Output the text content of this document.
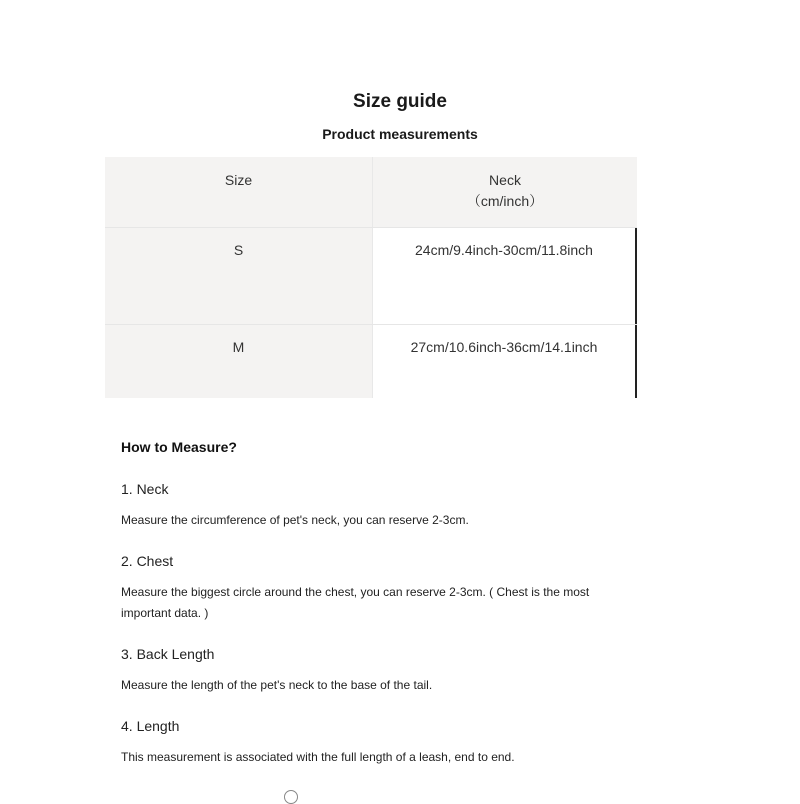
Size guide
Product measurements
Size	Neck
（cm/inch）
S	24cm/9.4inch-30cm/11.8inch
M	27cm/10.6inch-36cm/14.1inch
How to Measure?
1. Neck
Measure the circumference of pet's neck, you can reserve 2-3cm.
2. Chest
Measure the biggest circle around the chest, you can reserve 2-3cm. ( Chest is the most important data. )
3. Back Length
Measure the length of the pet's neck to the base of the tail.
4. Length
This measurement is associated with the full length of a leash, end to end.
